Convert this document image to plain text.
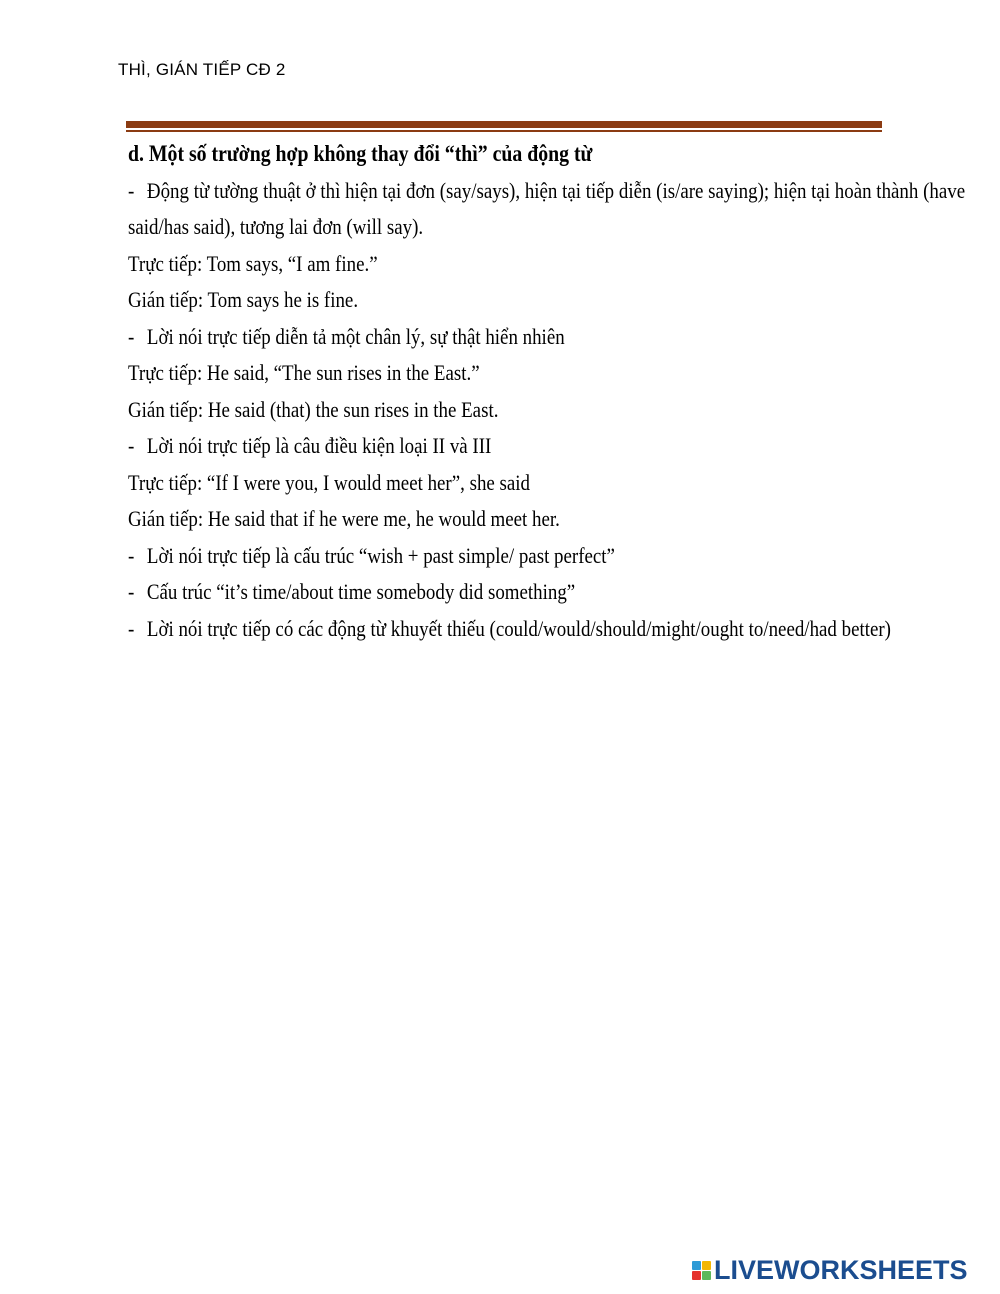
THÌ, GIÁN TIẾP CĐ 2
d. Một số trường hợp không thay đổi “thì” của động từ
- Động từ tường thuật ở thì hiện tại đơn (say/says), hiện tại tiếp diễn (is/are saying); hiện tại hoàn thành (have
said/has said), tương lai đơn (will say).
Trực tiếp: Tom says, “I am fine.”
Gián tiếp: Tom says he is fine.
- Lời nói trực tiếp diễn tả một chân lý, sự thật hiển nhiên
Trực tiếp: He said, “The sun rises in the East.”
Gián tiếp: He said (that) the sun rises in the East.
- Lời nói trực tiếp là câu điều kiện loại II và III
Trực tiếp: “If I were you, I would meet her”, she said
Gián tiếp: He said that if he were me, he would meet her.
- Lời nói trực tiếp là cấu trúc “wish + past simple/ past perfect”
- Cấu trúc “it’s time/about time somebody did something”
- Lời nói trực tiếp có các động từ khuyết thiếu (could/would/should/might/ought to/need/had better)
LIVEWORKSHEETS
